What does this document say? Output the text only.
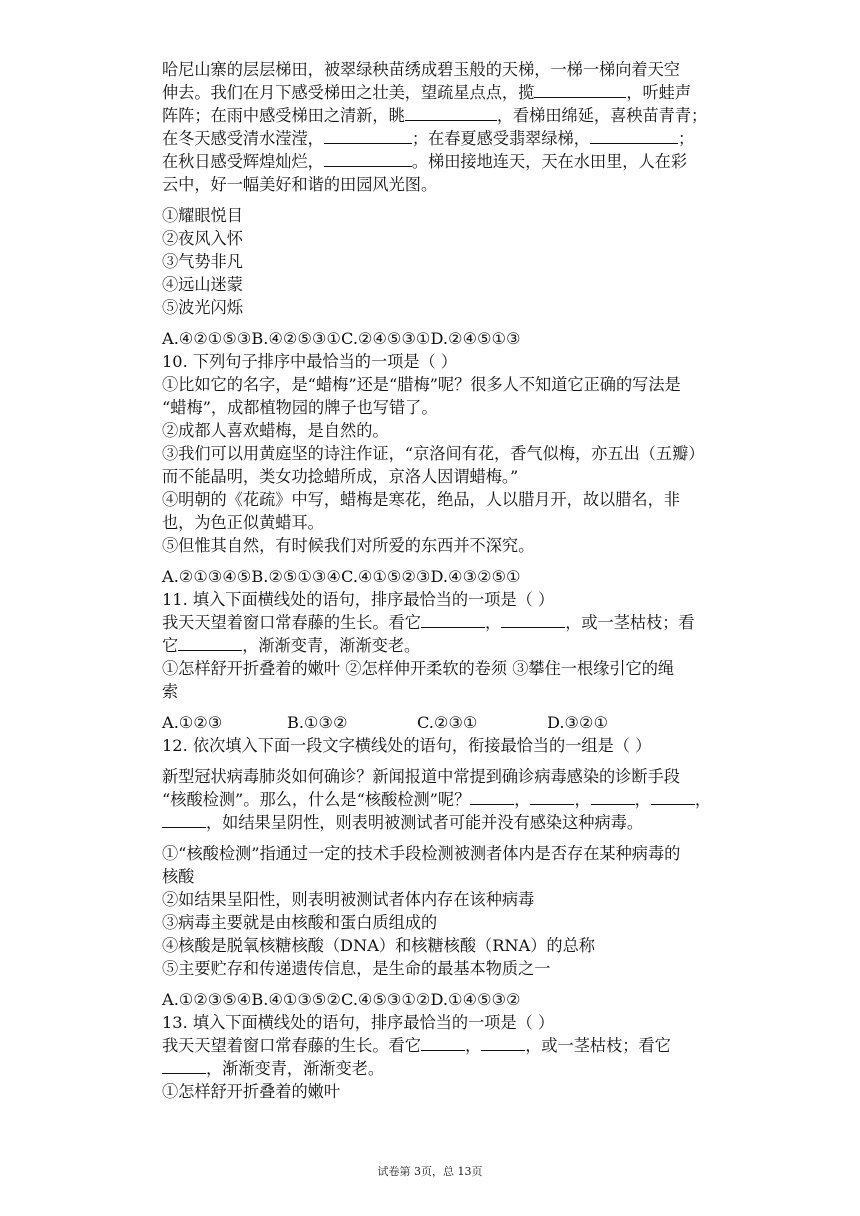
哈尼山寨的层层梯田，被翠绿秧苗绣成碧玉般的天梯，一梯一梯向着天空
伸去。我们在月下感受梯田之壮美，望疏星点点，揽	，听蛙声
阵阵；在雨中感受梯田之清新，眺	，看梯田绵延，喜秧苗青青；
在冬天感受清水滢滢，	；在春夏感受翡翠绿梯，	；
在秋日感受辉煌灿烂，	。梯田接地连天，天在水田里，人在彩
云中，好一幅美好和谐的田园风光图。
①耀眼悦目
②夜风入怀
③气势非凡
④远山迷蒙
⑤波光闪烁
A.④②①⑤③B.④②⑤③①C.②④⑤③①D.②④⑤①③
10. 下列句子排序中最恰当的一项是（ ）
①比如它的名字，是“蜡梅”还是“腊梅”呢？很多人不知道它正确的写法是
“蜡梅”，成都植物园的牌子也写错了。
②成都人喜欢蜡梅，是自然的。
③我们可以用黄庭坚的诗注作证，“京洛间有花，香气似梅，亦五出（五瓣）
而不能晶明，类女功捻蜡所成，京洛人因谓蜡梅。”
④明朝的《花疏》中写，蜡梅是寒花，绝品，人以腊月开，故以腊名，非
也，为色正似黄蜡耳。
⑤但惟其自然，有时候我们对所爱的东西并不深究。
A.②①③④⑤B.②⑤①③④C.④①⑤②③D.④③②⑤①
11. 填入下面横线处的语句，排序最恰当的一项是（ ）
我天天望着窗口常春藤的生长。看它	，	，或一茎枯枝；看
它	，渐渐变青，渐渐变老。
①怎样舒开折叠着的嫩叶 ②怎样伸开柔软的卷须 ③攀住一根缘引它的绳
索
A.①②③	B.①③②	C.②③①	D.③②①
12. 依次填入下面一段文字横线处的语句，衔接最恰当的一组是（ ）
新型冠状病毒肺炎如何确诊？新闻报道中常提到确诊病毒感染的诊断手段
“核酸检测”。那么，什么是“核酸检测”呢？	，	，	，	，
，如结果呈阴性，则表明被测试者可能并没有感染这种病毒。
①“核酸检测”指通过一定的技术手段检测被测者体内是否存在某种病毒的
核酸
②如结果呈阳性，则表明被测试者体内存在该种病毒
③病毒主要就是由核酸和蛋白质组成的
④核酸是脱氧核糖核酸（DNA）和核糖核酸（RNA）的总称
⑤主要贮存和传递遗传信息，是生命的最基本物质之一
A.①②③⑤④B.④①③⑤②C.④⑤③①②D.①④⑤③②
13. 填入下面横线处的语句，排序最恰当的一项是（ ）
我天天望着窗口常春藤的生长。看它	，	，或一茎枯枝；看它
，渐渐变青，渐渐变老。
①怎样舒开折叠着的嫩叶
试卷第 3页，总 13页
